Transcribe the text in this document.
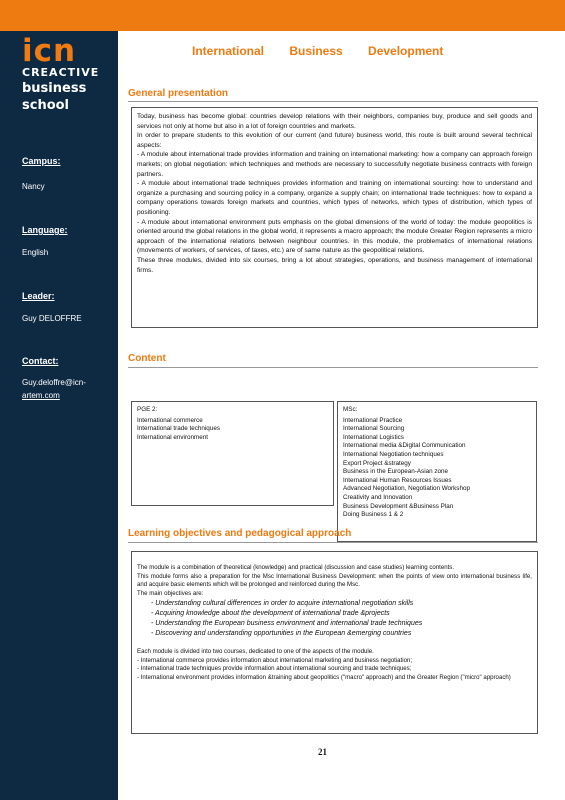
icn
CREACTIVE
business
school
Campus:
Nancy
Language:
English
Leader:
Guy DELOFFRE
Contact:
Guy.deloffre@icn-
artem.com
International Business Development
General presentation

Today, business has become global: countries develop relations with their neighbors, companies buy, produce and sell goods and services not only at home but also in a lot of foreign countries and markets.

In order to prepare students to this evolution of our current (and future) business world, this route is built around several technical aspects:

- A module about international trade provides information and training on international marketing: how a company can approach foreign markets; on global negotiation: which techniques and methods are necessary to successfully negotiate business contracts with foreign partners.

- A module about international trade techniques provides information and training on international sourcing: how to understand and organize a purchasing and sourcing policy in a company, organize a supply chain; on international trade techniques: how to expand a company operations towards foreign markets and countries, which types of networks, which types of distribution, which types of positioning.

- A module about international environment puts emphasis on the global dimensions of the world of today: the module geopolitics is oriented around the global relations in the global world, it represents a macro approach; the module Greater Region represents a micro approach of the international relations between neighbour countries. In this module, the problematics of international relations (movements of workers, of services, of taxes, etc.) are of same nature as the geopolitical relations.

These three modules, divided into six courses, bring a lot about strategies, operations, and business management of international firms.

Content
PGE 2:
International commerce
International trade techniques
International environment
MSc:
International Practice
International Sourcing
International Logistics
International media &Digital Communication
International Negotiation techniques
Export Project &strategy
Business in the European-Asian zone
International Human Resources Issues
Advanced Negotiation, Negotiation Workshop
Creativity and Innovation
Business Development &Business Plan
Doing Business 1 & 2
Learning objectives and pedagogical approach

The module is a combination of theoretical (knowledge) and practical (discussion and case studies) learning contents.

This module forms also a preparation for the Msc International Business Development: when the points of view onto international business life, and acquire basic elements which will be prolonged and reinforced during the Msc.

The main objectives are:

- Understanding cultural differences in order to acquire international negotiation skills
- Acquiring knowledge about the development of international trade &projects
- Understanding the European business environment and international trade techniques
- Discovering and understanding opportunities in the European &emerging countries

Each module is divided into two courses, dedicated to one of the aspects of the module.

- International commerce provides information about international marketing and business negotiation;

- International trade techniques provide information about international sourcing and trade techniques;

- International environment provides information &training about geopolitics ("macro" approach) and the Greater Region ("micro" approach)

21
